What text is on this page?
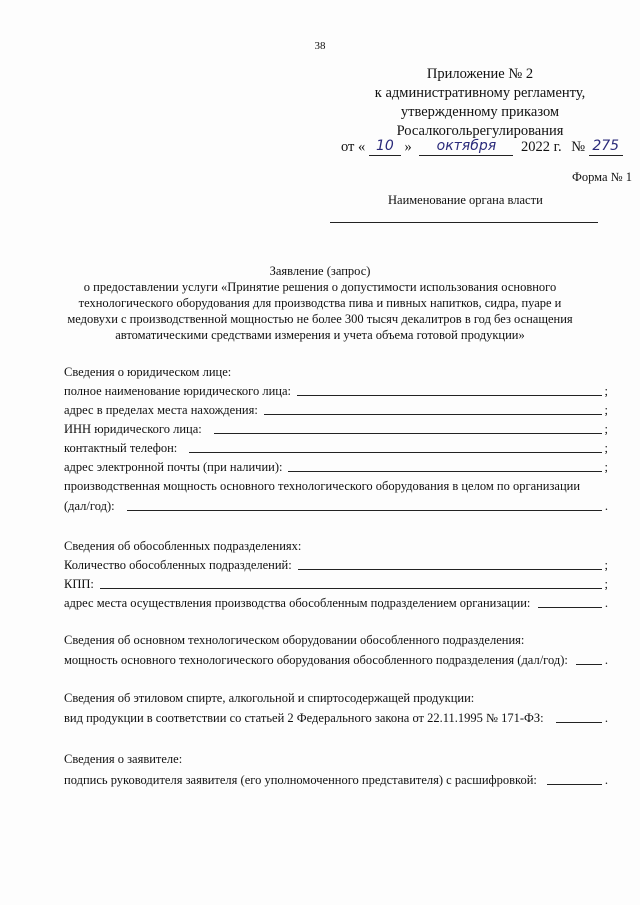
38
Приложение № 2
к административному регламенту,
утвержденному приказом
Росалкогольрегулирования
от « 10 » октября 2022 г. № 275
Форма № 1
Наименование органа власти
Заявление (запрос)
о предоставлении услуги «Принятие решения о допустимости использования основного
технологического оборудования для производства пива и пивных напитков, сидра, пуаре и
медовухи с производственной мощностью не более 300 тысяч декалитров в год без оснащения
автоматическими средствами измерения и учета объема готовой продукции»
Сведения о юридическом лице:
полное наименование юридического лица:	;
адрес в пределах места нахождения:	;
ИНН юридического лица:	;
контактный телефон:	;
адрес электронной почты (при наличии):	;
производственная мощность основного технологического оборудования в целом по организации
(дал/год):	.
Сведения об обособленных подразделениях:
Количество обособленных подразделений:	;
КПП:	;
адрес места осуществления производства обособленным подразделением организации:	.
Сведения об основном технологическом оборудовании обособленного подразделения:
мощность основного технологического оборудования обособленного подразделения (дал/год):	.
Сведения об этиловом спирте, алкогольной и спиртосодержащей продукции:
вид продукции в соответствии со статьей 2 Федерального закона от 22.11.1995 № 171-ФЗ:	.
Сведения о заявителе:
подпись руководителя заявителя (его уполномоченного представителя) с расшифровкой:	.
